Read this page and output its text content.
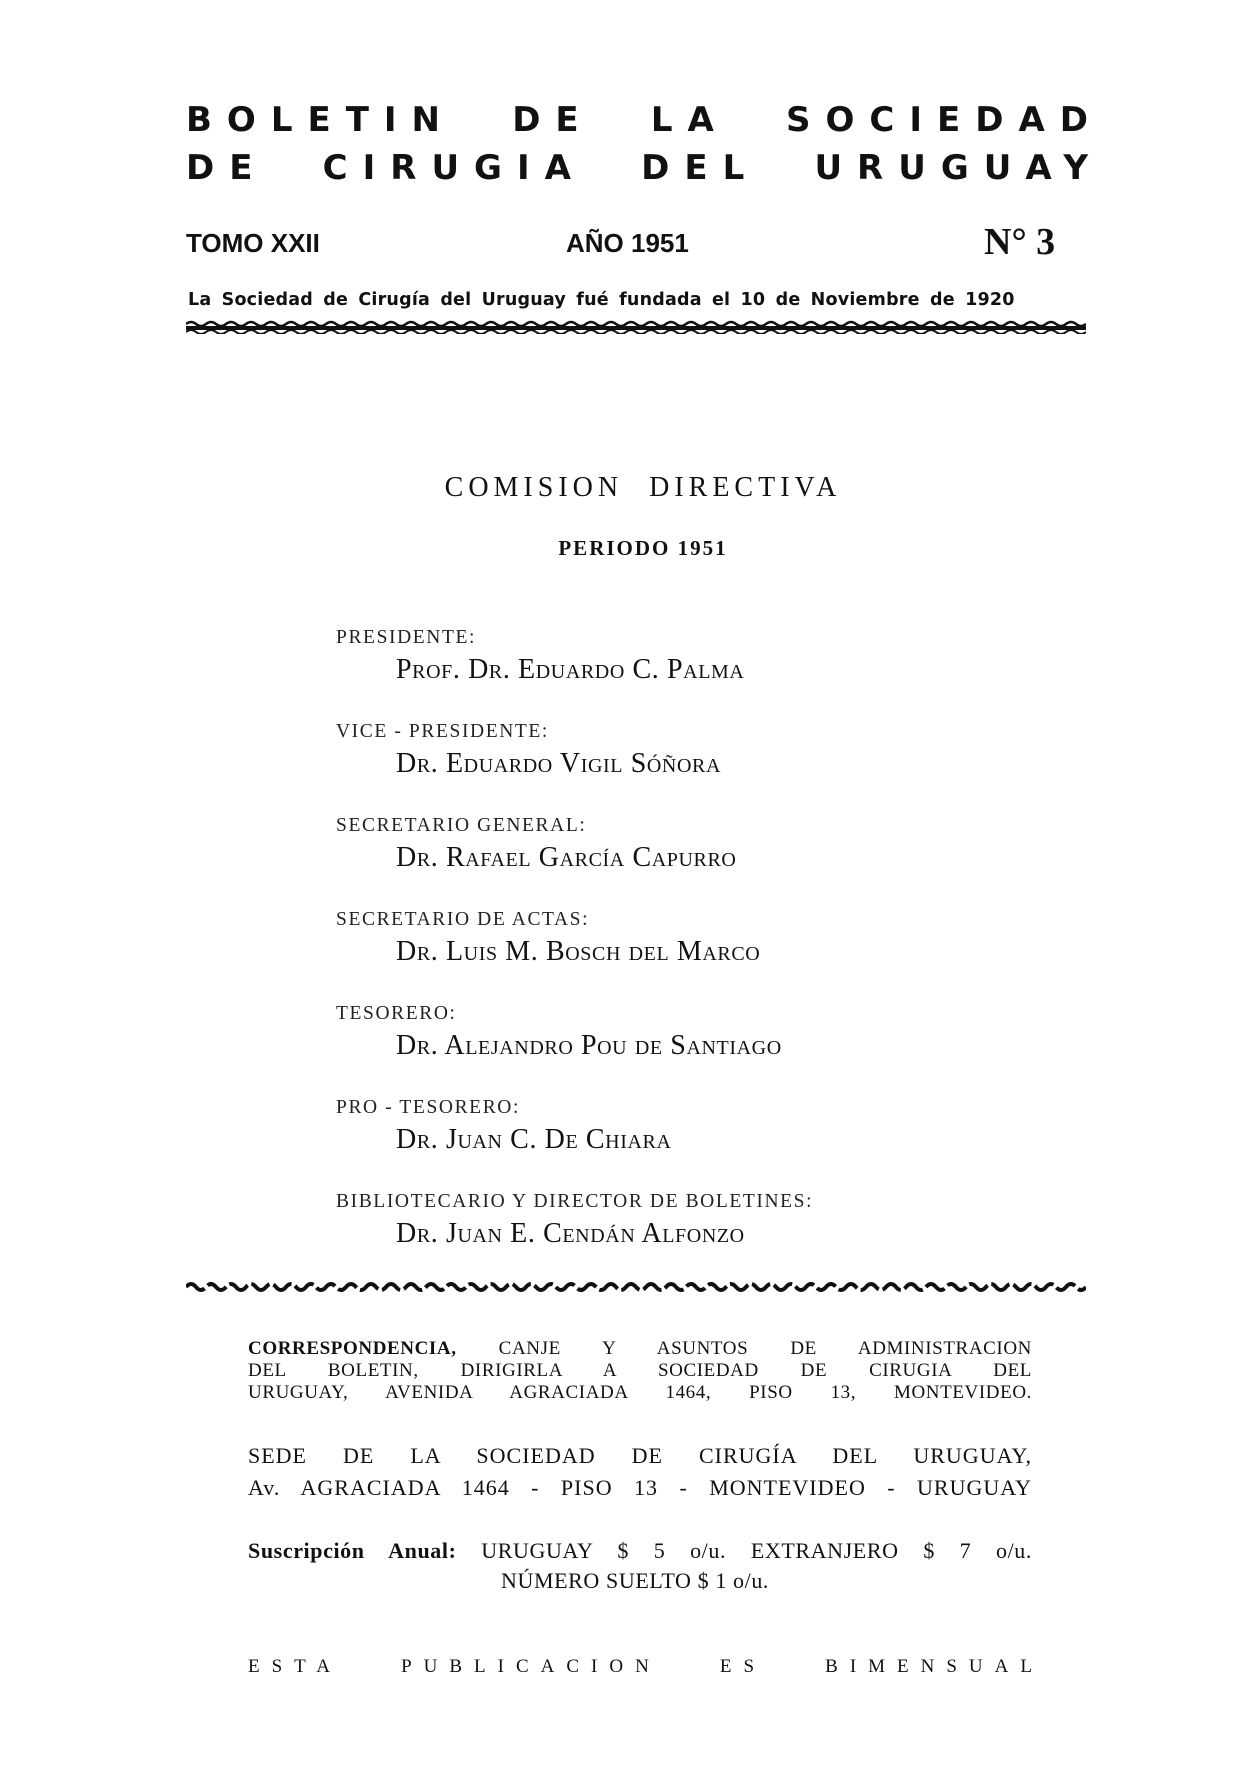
BOLETIN DE LA SOCIEDAD
DE CIRUGIA DEL URUGUAY
TOMO XXII	AÑO 1951	N° 3
La Sociedad de Cirugía del Uruguay fué fundada el 10 de Noviembre de 1920
COMISION DIRECTIVA
PERIODO 1951
PRESIDENTE:
Prof. Dr. Eduardo C. Palma
VICE - PRESIDENTE:
Dr. Eduardo Vigil Sóñora
SECRETARIO GENERAL:
Dr. Rafael García Capurro
SECRETARIO DE ACTAS:
Dr. Luis M. Bosch del Marco
TESORERO:
Dr. Alejandro Pou de Santiago
PRO - TESORERO:
Dr. Juan C. De Chiara
BIBLIOTECARIO Y DIRECTOR DE BOLETINES:
Dr. Juan E. Cendán Alfonzo
CORRESPONDENCIA, CANJE Y ASUNTOS DE ADMINISTRACION
DEL BOLETIN, DIRIGIRLA A SOCIEDAD DE CIRUGIA DEL
URUGUAY, AVENIDA AGRACIADA 1464, PISO 13, MONTEVIDEO.
SEDE DE LA SOCIEDAD DE CIRUGÍA DEL URUGUAY,
Av. AGRACIADA 1464 - PISO 13 - MONTEVIDEO - URUGUAY
Suscripción Anual: URUGUAY $ 5 o/u. EXTRANJERO $ 7 o/u.
NÚMERO SUELTO $ 1 o/u.
ESTA	PUBLICACION	ES	BIMENSUAL
